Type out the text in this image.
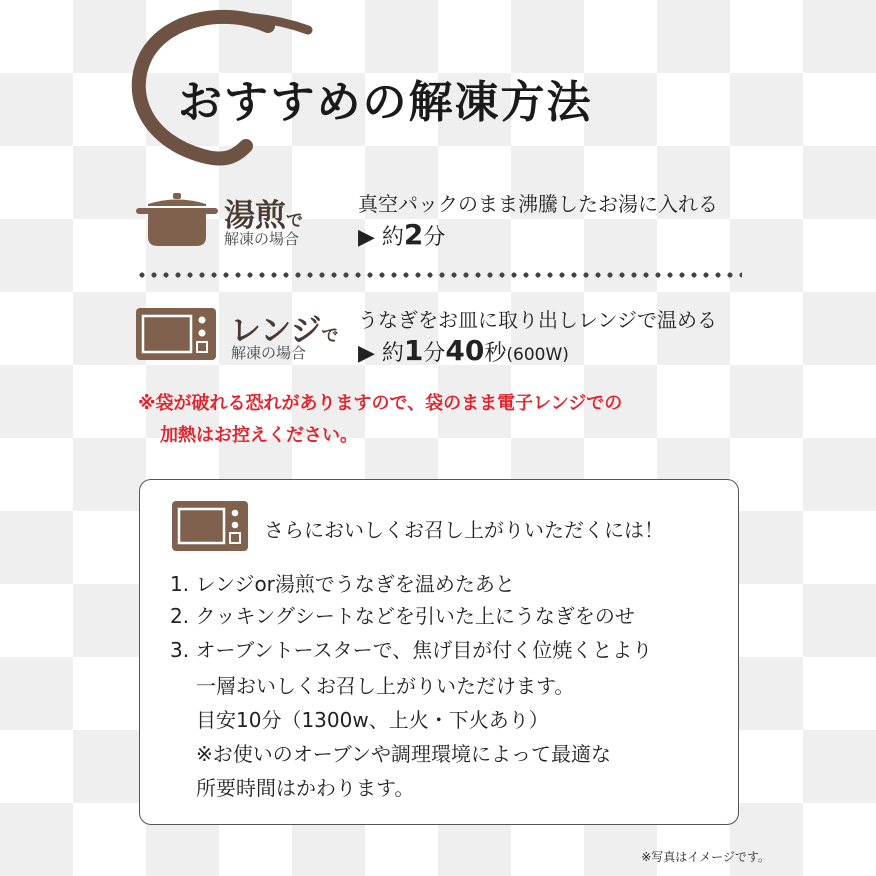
おすすめの解凍方法
湯煎で
解凍の場合
真空パックのまま沸騰したお湯に入れる
▶ 約2分
レンジで
解凍の場合
うなぎをお皿に取り出しレンジで温める
▶ 約1分40秒(600W)
※袋が破れる恐れがありますので、袋のまま電子レンジでの
加熱はお控えください。
さらにおいしくお召し上がりいただくには！
1. レンジor湯煎でうなぎを温めたあと
2. クッキングシートなどを引いた上にうなぎをのせ
3. オーブントースターで、焦げ目が付く位焼くとより
一層おいしくお召し上がりいただけます。
目安10分（1300w、上火・下火あり）
※お使いのオーブンや調理環境によって最適な
所要時間はかわります。
※写真はイメージです。
